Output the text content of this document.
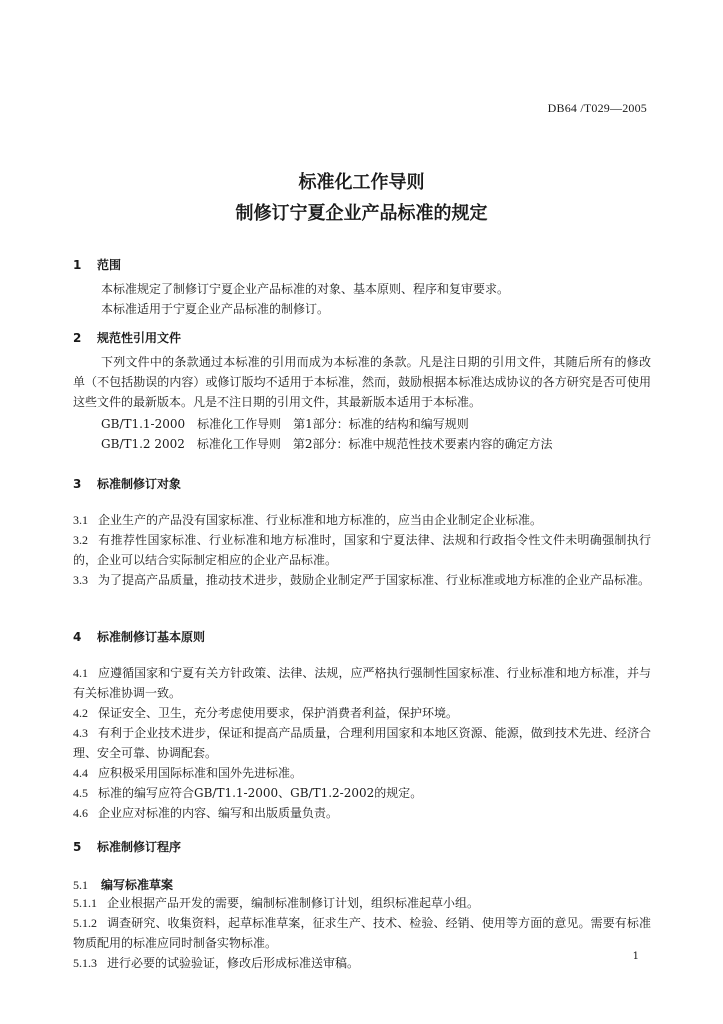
DB64 /T029—2005
标准化工作导则
制修订宁夏企业产品标准的规定
1 范围
本标准规定了制修订宁夏企业产品标准的对象、基本原则、程序和复审要求。
本标准适用于宁夏企业产品标准的制修订。
2 规范性引用文件
下列文件中的条款通过本标准的引用而成为本标准的条款。凡是注日期的引用文件，其随后所有的修改单（不包括勘误的内容）或修订版均不适用于本标准，然而，鼓励根据本标准达成协议的各方研究是否可使用这些文件的最新版本。凡是不注日期的引用文件，其最新版本适用于本标准。
GB/T1.1-2000　 标准化工作导则　第1部分：标准的结构和编写规则
GB/T1.2 2002　 标准化工作导则　第2部分：标准中规范性技术要素内容的确定方法
3 标准制修订对象
3.1 企业生产的产品没有国家标准、行业标准和地方标准的，应当由企业制定企业标准。
3.2 有推荐性国家标准、行业标准和地方标准时，国家和宁夏法律、法规和行政指令性文件未明确强制执行的，企业可以结合实际制定相应的企业产品标准。
3.3 为了提高产品质量，推动技术进步，鼓励企业制定严于国家标准、行业标准或地方标准的企业产品标准。
4 标准制修订基本原则
4.1 应遵循国家和宁夏有关方针政策、法律、法规，应严格执行强制性国家标准、行业标准和地方标准，并与有关标准协调一致。
4.2 保证安全、卫生，充分考虑使用要求，保护消费者利益，保护环境。
4.3 有利于企业技术进步，保证和提高产品质量，合理利用国家和本地区资源、能源，做到技术先进、经济合理、安全可靠、协调配套。
4.4 应积极采用国际标准和国外先进标准。
4.5 标准的编写应符合GB/T1.1-2000、GB/T1.2-2002的规定。
4.6 企业应对标准的内容、编写和出版质量负责。
5 标准制修订程序
5.1 编写标准草案
5.1.1 企业根据产品开发的需要，编制标准制修订计划，组织标准起草小组。
5.1.2 调查研究、收集资料，起草标准草案，征求生产、技术、检验、经销、使用等方面的意见。需要有标准物质配用的标准应同时制备实物标准。
5.1.3 进行必要的试验验证，修改后形成标准送审稿。	1
